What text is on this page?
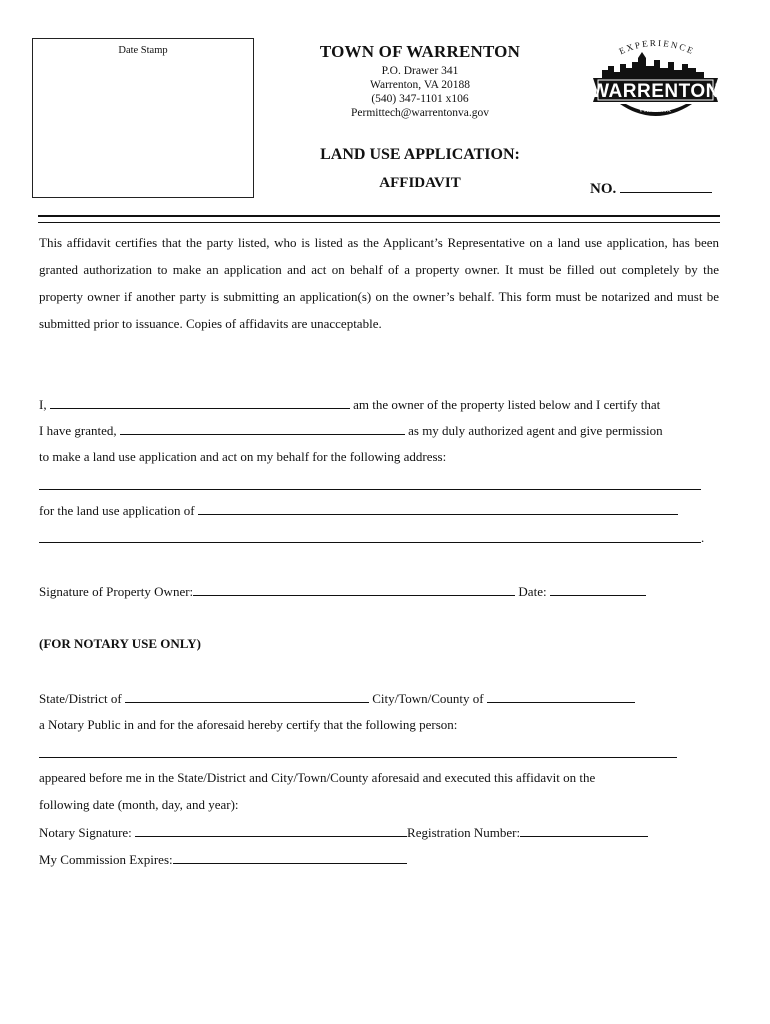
Date Stamp	TOWN OF WARRENTON
P.O. Drawer 341
Warrenton, VA 20188
(540) 347-1101 x106
Permittech@warrentonva.gov
LAND USE APPLICATION:
AFFIDAVIT	NO.
EXPERIENCE
WARRENTON
VIRGINIA
This affidavit certifies that the party listed, who is listed as the Applicant’s Representative on a land use application, has been granted authorization to make an application and act on behalf of a property owner. It must be filled out completely by the property owner if another party is submitting an application(s) on the owner’s behalf. This form must be notarized and must be submitted prior to issuance. Copies of affidavits are unacceptable.
I,	am the owner of the property listed below and I certify that
I have granted,	as my duly authorized agent and give permission
to make a land use application and act on my behalf for the following address:
for the land use application of
.
Signature of Property Owner:	Date:
(FOR NOTARY USE ONLY)
State/District of	City/Town/County of
a Notary Public in and for the aforesaid hereby certify that the following person:
appeared before me in the State/District and City/Town/County aforesaid and executed this affidavit on the
following date (month, day, and year):
Notary Signature:	Registration Number:
My Commission Expires:
